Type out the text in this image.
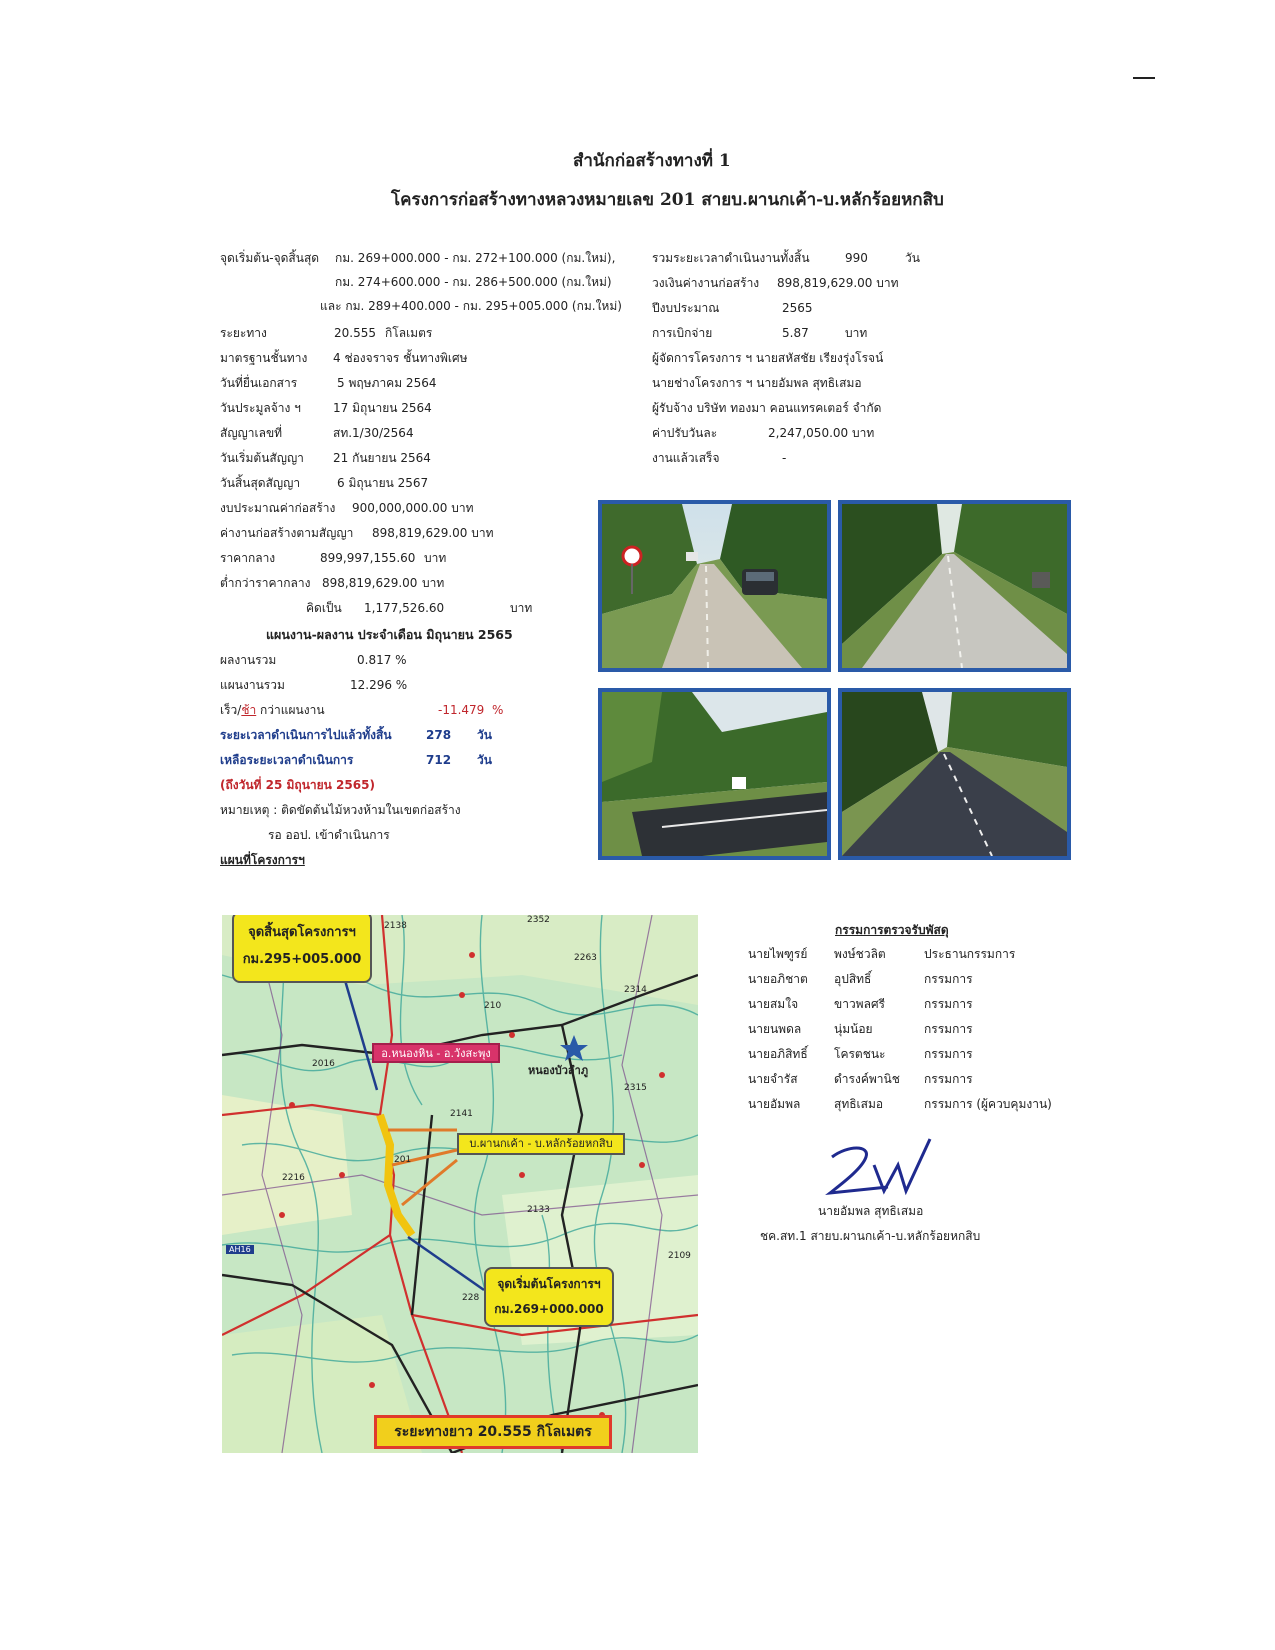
สำนักก่อสร้างทางที่ 1
โครงการก่อสร้างทางหลวงหมายเลข 201 สายบ.ผานกเค้า-บ.หลักร้อยหกสิบ
จุดเริ่มต้น-จุดสิ้นสุด กม. 269+000.000 - กม. 272+100.000 (กม.ใหม่),
กม. 274+600.000 - กม. 286+500.000 (กม.ใหม่)
และ กม. 289+400.000 - กม. 295+005.000 (กม.ใหม่)
ระยะทาง	20.555 กิโลเมตร
มาตรฐานชั้นทาง 4 ช่องจราจร ชั้นทางพิเศษ
วันที่ยื่นเอกสาร	5 พฤษภาคม 2564
วันประมูลจ้าง ฯ	17 มิถุนายน 2564
สัญญาเลขที่	สท.1/30/2564
วันเริ่มต้นสัญญา 21 กันยายน 2564
วันสิ้นสุดสัญญา	6 มิถุนายน 2567
งบประมาณค่าก่อสร้าง 900,000,000.00 บาท
ค่างานก่อสร้างตามสัญญา 898,819,629.00 บาท
ราคากลาง	899,997,155.60 บาท
ต่ำกว่าราคากลาง 898,819,629.00 บาท
คิดเป็น 1,177,526.60	บาท
แผนงาน-ผลงาน ประจำเดือน มิถุนายน 2565
ผลงานรวม	0.817 %
แผนงานรวม	12.296 %
เร็ว/ช้า กว่าแผนงาน	-11.479 %
ระยะเวลาดำเนินการไปแล้วทั้งสิ้น	278 วัน
เหลือระยะเวลาดำเนินการ	712 วัน
(ถึงวันที่ 25 มิถุนายน 2565)
หมายเหตุ : ติดขัดต้นไม้หวงห้ามในเขตก่อสร้าง
รอ ออป. เข้าดำเนินการ
แผนที่โครงการฯ
รวมระยะเวลาดำเนินงานทั้งสิ้น	990	วัน
วงเงินค่างานก่อสร้าง 898,819,629.00 บาท
ปีงบประมาณ	2565
การเบิกจ่าย	5.87	บาท
ผู้จัดการโครงการ ฯ นายสหัสชัย เรียงรุ่งโรจน์
นายช่างโครงการ ฯ นายอัมพล สุทธิเสมอ
ผู้รับจ้าง บริษัท ทองมา คอนแทรคเตอร์ จำกัด
ค่าปรับวันละ	2,247,050.00 บาท
งานแล้วเสร็จ	-
201
2016
2141
2133
228
2138
2352
2263
2314
2315
2216
210
2109
AH16
หนองบัวลำภู
จุดสิ้นสุดโครงการฯ
กม.295+005.000
อ.หนองหิน - อ.วังสะพุง
บ.ผานกเค้า - บ.หลักร้อยหกสิบ
จุดเริ่มต้นโครงการฯ
กม.269+000.000
ระยะทางยาว 20.555 กิโลเมตร
กรรมการตรวจรับพัสดุ
นายไพฑูรย์ พงษ์ชวลิต	ประธานกรรมการ
นายอภิชาต อุปสิทธิ์	กรรมการ
นายสมใจ	ขาวพลศรี	กรรมการ
นายนพดล	นุ่มน้อย	กรรมการ
นายอภิสิทธิ์ โครตชนะ	กรรมการ
นายจำรัส	ดำรงค์พานิช กรรมการ
นายอัมพล	สุทธิเสมอ	กรรมการ (ผู้ควบคุมงาน)
นายอัมพล สุทธิเสมอ
ชค.สท.1 สายบ.ผานกเค้า-บ.หลักร้อยหกสิบ
